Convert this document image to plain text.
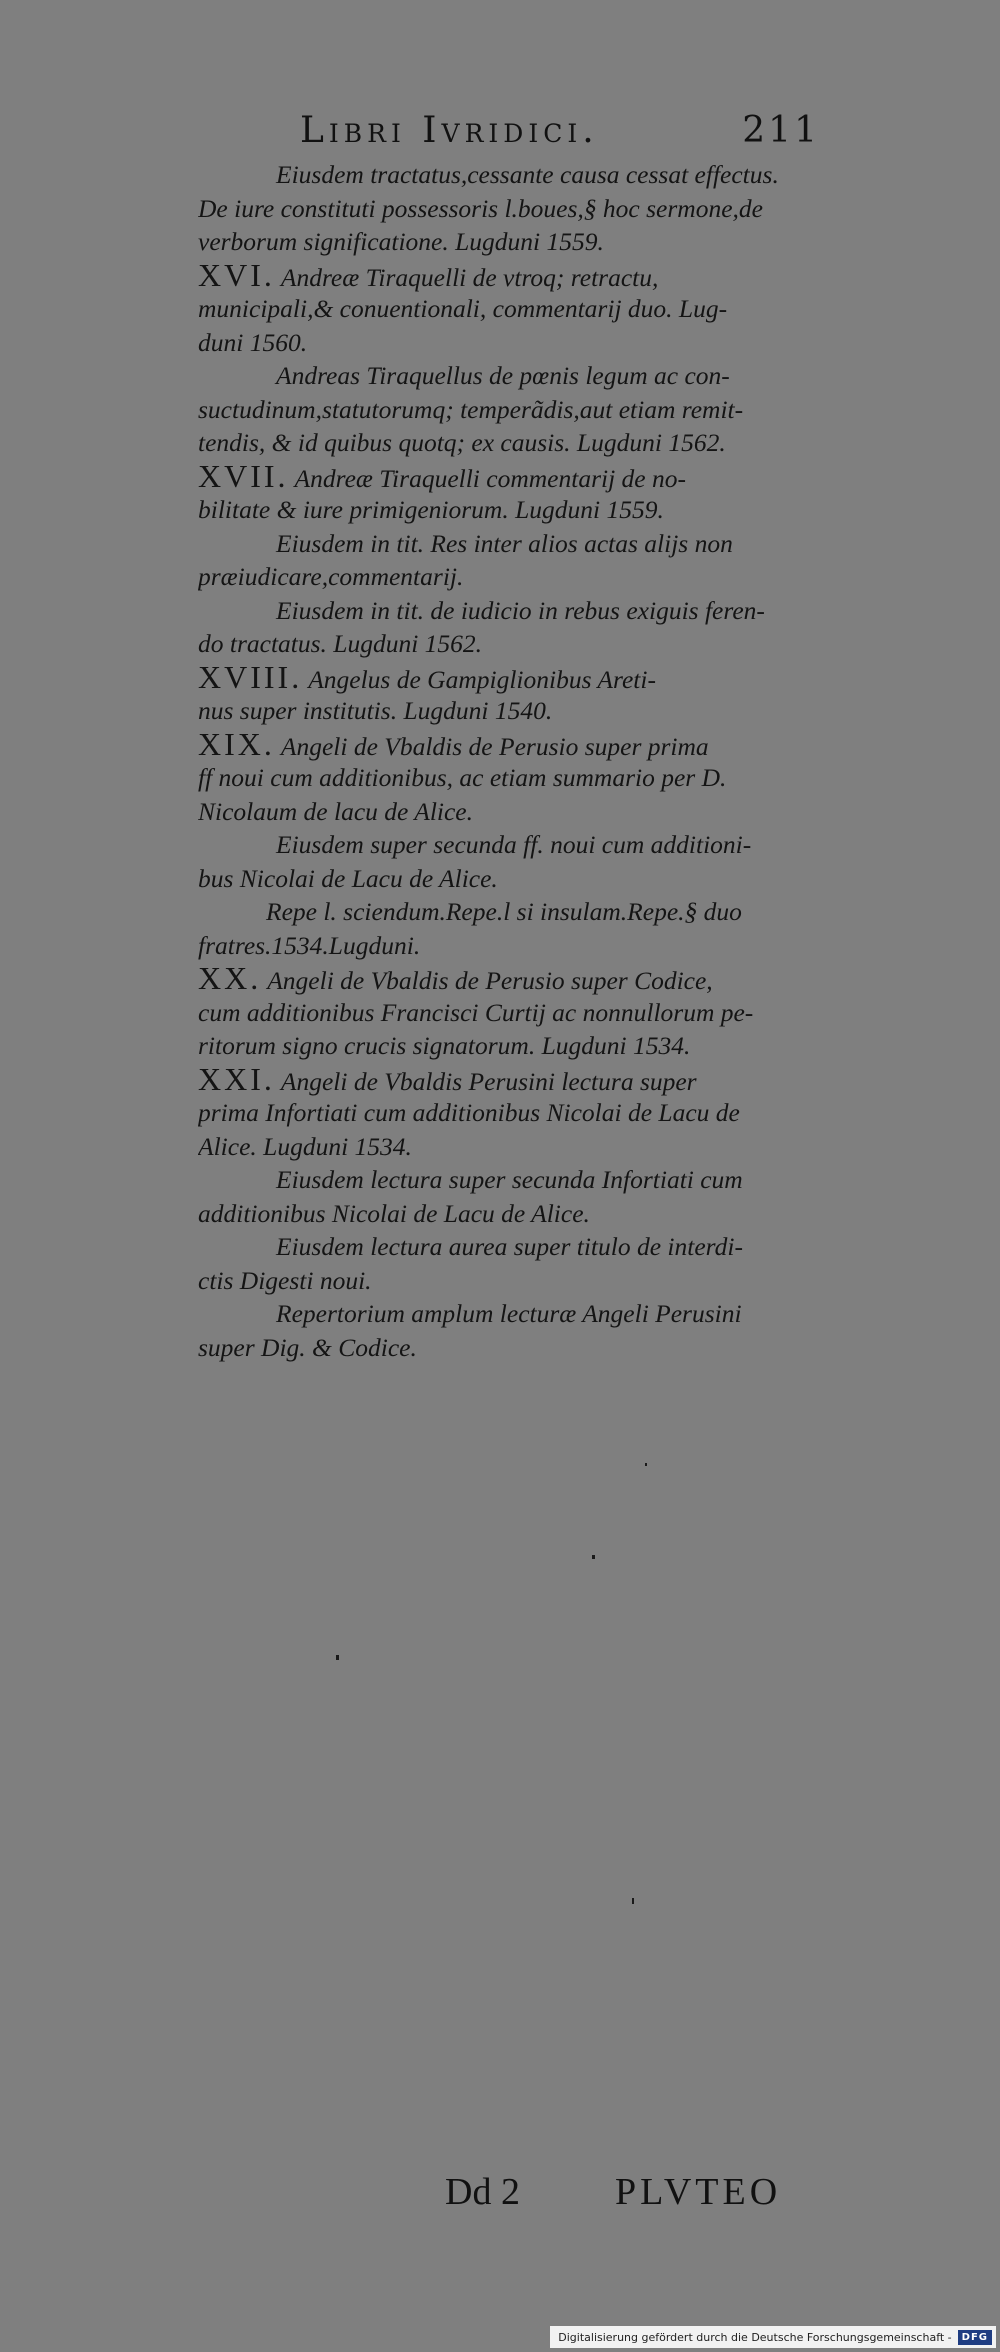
Libri Ivridici.	211
Eiusdem tractatus,cessante causa cessat effectus.
De iure constituti possessoris l.boues,§ hoc sermone,de
verborum significatione. Lugduni 1559.
XVI. Andreæ Tiraquelli de vtroq; retractu,
municipali,& conuentionali, commentarij duo. Lug-
duni 1560.
Andreas Tiraquellus de pœnis legum ac con-
suctudinum,statutorumq; temperãdis,aut etiam remit-
tendis, & id quibus quotq; ex causis. Lugduni 1562.
XVII. Andreæ Tiraquelli commentarij de no-
bilitate & iure primigeniorum. Lugduni 1559.
Eiusdem in tit. Res inter alios actas alijs non
præiudicare,commentarij.
Eiusdem in tit. de iudicio in rebus exiguis feren-
do tractatus. Lugduni 1562.
XVIII. Angelus de Gampiglionibus Areti-
nus super institutis. Lugduni 1540.
XIX. Angeli de Vbaldis de Perusio super prima
ff noui cum additionibus, ac etiam summario per D.
Nicolaum de lacu de Alice.
Eiusdem super secunda ff. noui cum additioni-
bus Nicolai de Lacu de Alice.
Repe l. sciendum.Repe.l si insulam.Repe.§ duo
fratres.1534.Lugduni.
XX. Angeli de Vbaldis de Perusio super Codice,
cum additionibus Francisci Curtij ac nonnullorum pe-
ritorum signo crucis signatorum. Lugduni 1534.
XXI. Angeli de Vbaldis Perusini lectura super
prima Infortiati cum additionibus Nicolai de Lacu de
Alice. Lugduni 1534.
Eiusdem lectura super secunda Infortiati cum
additionibus Nicolai de Lacu de Alice.
Eiusdem lectura aurea super titulo de interdi-
ctis Digesti noui.
Repertorium amplum lecturæ Angeli Perusini
super Dig. & Codice.
Dd 2	PLVTEO
Digitalisierung gefördert durch die Deutsche Forschungsgemeinschaft -	DFG
